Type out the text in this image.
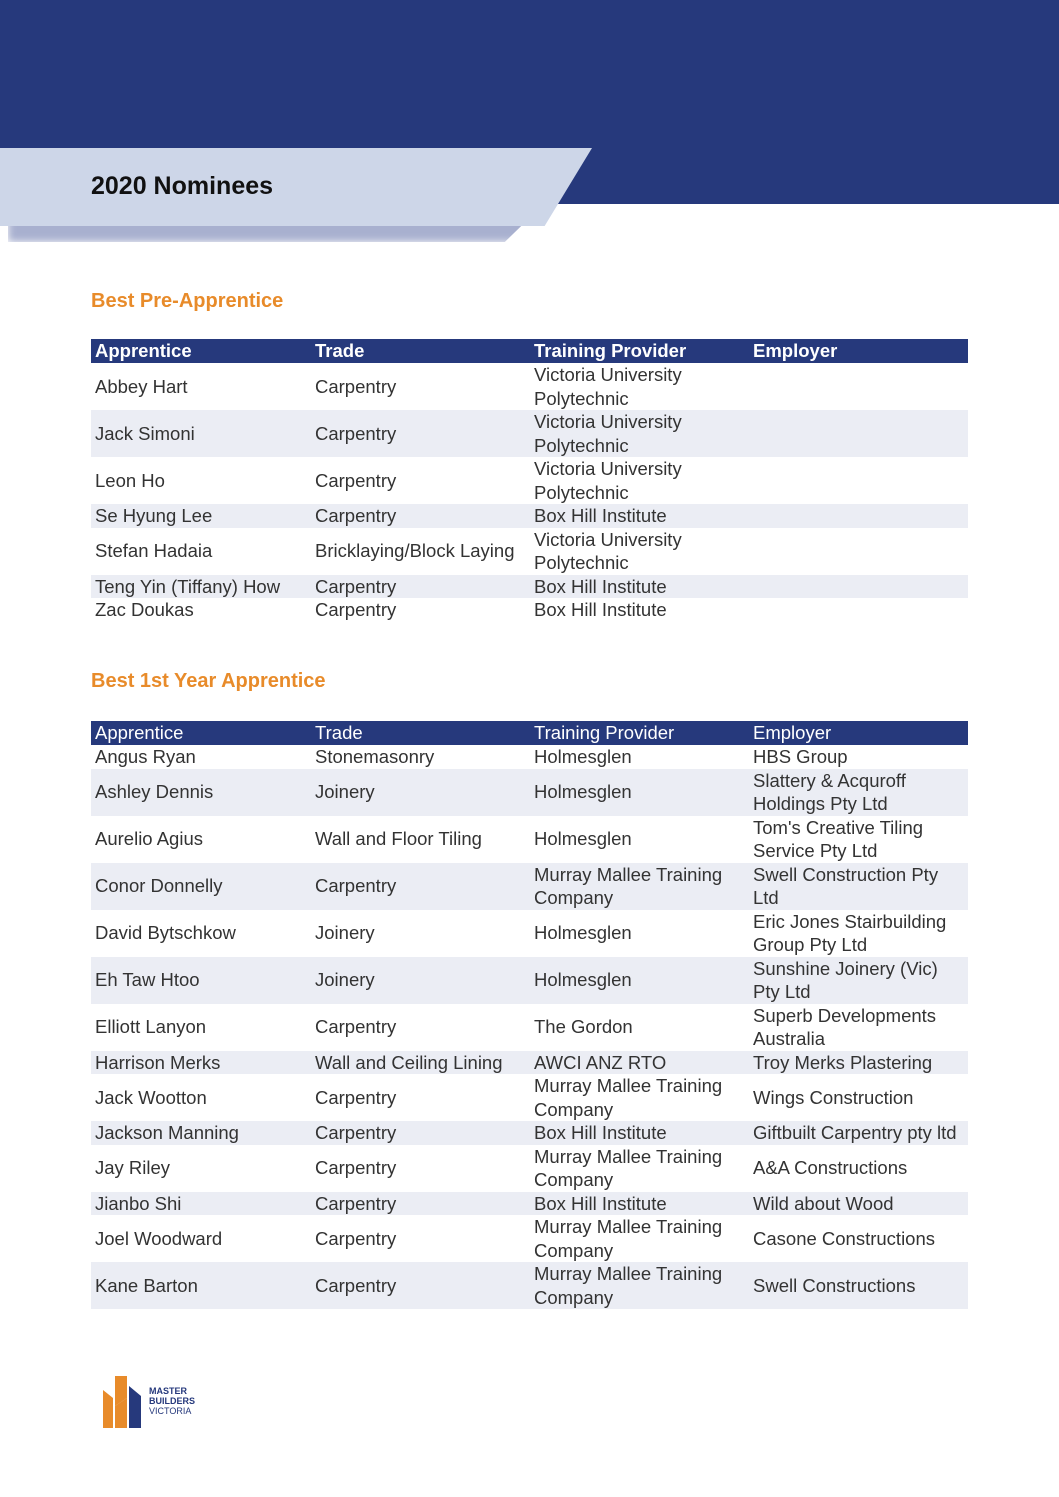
2020 Nominees
Best Pre-Apprentice
Apprentice	Trade	Training Provider	Employer
Abbey Hart	Carpentry	Victoria University Polytechnic	
Jack Simoni	Carpentry	Victoria University Polytechnic	
Leon Ho	Carpentry	Victoria University Polytechnic	
Se Hyung Lee	Carpentry	Box Hill Institute	
Stefan Hadaia	Bricklaying/Block Laying	Victoria University Polytechnic	
Teng Yin (Tiffany) How	Carpentry	Box Hill Institute	
Zac Doukas	Carpentry	Box Hill Institute	
Best 1st Year Apprentice
Apprentice	Trade	Training Provider	Employer
Angus Ryan	Stonemasonry	Holmesglen	HBS Group
Ashley Dennis	Joinery	Holmesglen	Slattery & Acquroff Holdings Pty Ltd
Aurelio Agius	Wall and Floor Tiling	Holmesglen	Tom's Creative Tiling Service Pty Ltd
Conor Donnelly	Carpentry	Murray Mallee Training Company	Swell Construction Pty Ltd
David Bytschkow	Joinery	Holmesglen	Eric Jones Stairbuilding Group Pty Ltd
Eh Taw Htoo	Joinery	Holmesglen	Sunshine Joinery (Vic) Pty Ltd
Elliott Lanyon	Carpentry	The Gordon	Superb Developments Australia
Harrison Merks	Wall and Ceiling Lining	AWCI ANZ RTO	Troy Merks Plastering
Jack Wootton	Carpentry	Murray Mallee Training Company	Wings Construction
Jackson Manning	Carpentry	Box Hill Institute	Giftbuilt Carpentry pty ltd
Jay Riley	Carpentry	Murray Mallee Training Company	A&A Constructions
Jianbo Shi	Carpentry	Box Hill Institute	Wild about Wood
Joel Woodward	Carpentry	Murray Mallee Training Company	Casone Constructions
Kane Barton	Carpentry	Murray Mallee Training Company	Swell Constructions
MASTER
BUILDERS
VICTORIA
